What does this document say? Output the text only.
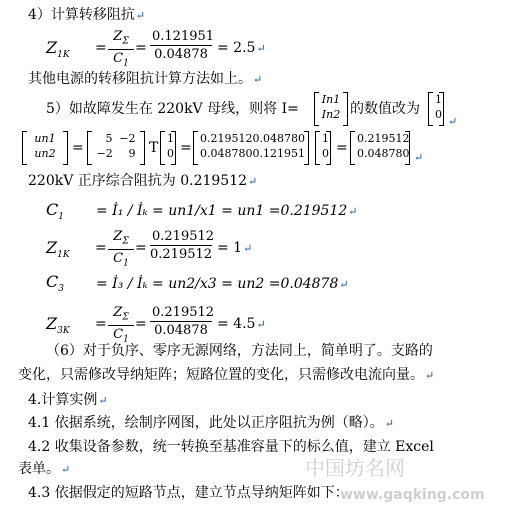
4）计算转移阻抗↵
$Z_{1K}$ =
$Z_\Sigma$
$C_1$
=
0.121951
0.04878 = 2.5↵
其他电源的转移阻抗计算方法如上。↵
5）如故障发生在 220kV 母线，则将 I=
In1
In2 的数值改为
1
0
↵
un1
un2 =
5 −2
−2	9 T
1
0 =
0.219512 0.048780
0.048780 0.121951
1
0 =
0.219512
0.048780 ↵
220kV 正序综合阻抗为 0.219512↵
$C_1$ = İ₁ / İₖ = un1/x1 = un1 =0.219512↵
$Z_{1K}$ =
$Z_\Sigma$
$C_1$
=
0.219512
0.219512 = 1↵
$C_3$ = İ₃ / İₖ = un2/x3 = un2 =0.04878↵
$Z_{3K}$ =
$Z_\Sigma$
$C_1$
=
0.219512
0.04878 = 4.5↵
（6）对于负序、零序无源网络，方法同上，简单明了。支路的
变化，只需修改导纳矩阵；短路位置的变化，只需修改电流向量。↵
4.计算实例↵
4.1 依据系统，绘制序网图，此处以正序阻抗为例（略）。↵
4.2 收集设备参数，统一转换至基准容量下的标么值，建立 Excel
表单。↵
4.3 依据假定的短路节点，建立节点导纳矩阵如下：
中国坊名网
www.gaqking.com
